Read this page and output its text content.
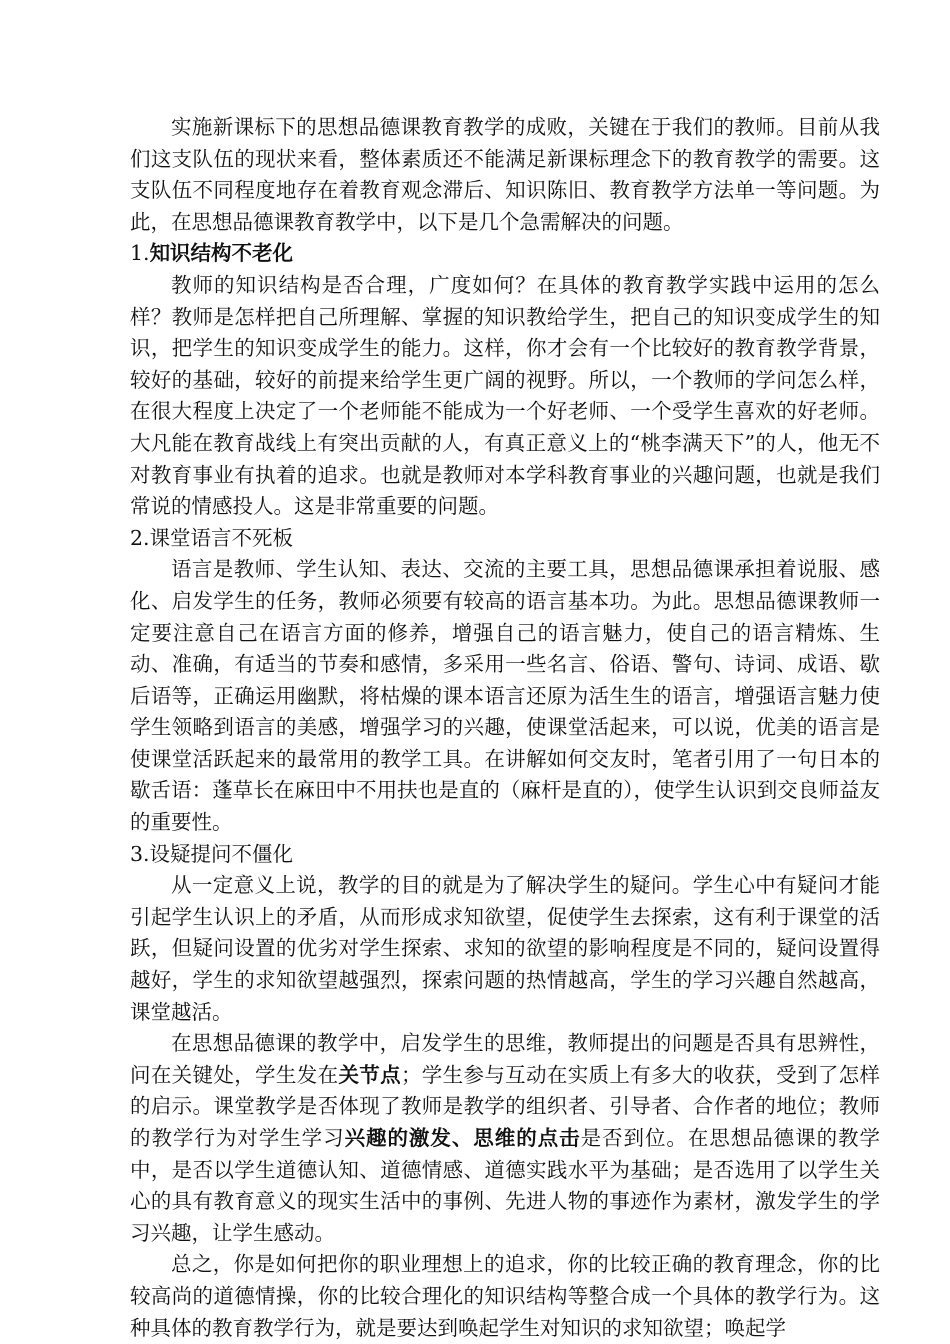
实施新课标下的思想品德课教育教学的成败，关键在于我们的教师。目前从我们这支队伍的现状来看，整体素质还不能满足新课标理念下的教育教学的需要。这支队伍不同程度地存在着教育观念滞后、知识陈旧、教育教学方法单一等问题。为此，在思想品德课教育教学中，以下是几个急需解决的问题。

1.知识结构不老化

教师的知识结构是否合理，广度如何？在具体的教育教学实践中运用的怎么样？教师是怎样把自己所理解、掌握的知识教给学生，把自己的知识变成学生的知识，把学生的知识变成学生的能力。这样，你才会有一个比较好的教育教学背景，较好的基础，较好的前提来给学生更广阔的视野。所以，一个教师的学问怎么样，在很大程度上决定了一个老师能不能成为一个好老师、一个受学生喜欢的好老师。大凡能在教育战线上有突出贡献的人，有真正意义上的“桃李满天下”的人，他无不对教育事业有执着的追求。也就是教师对本学科教育事业的兴趣问题，也就是我们常说的情感投人。这是非常重要的问题。

2.课堂语言不死板

语言是教师、学生认知、表达、交流的主要工具，思想品德课承担着说服、感化、启发学生的任务，教师必须要有较高的语言基本功。为此。思想品德课教师一定要注意自己在语言方面的修养，增强自己的语言魅力，使自己的语言精炼、生动、准确，有适当的节奏和感情，多采用一些名言、俗语、警句、诗词、成语、歇后语等，正确运用幽默，将枯燥的课本语言还原为活生生的语言，增强语言魅力使学生领略到语言的美感，增强学习的兴趣，使课堂活起来，可以说，优美的语言是使课堂活跃起来的最常用的教学工具。在讲解如何交友时，笔者引用了一句日本的歇舌语：蓬草长在麻田中不用扶也是直的（麻杆是直的），使学生认识到交良师益友的重要性。

3.设疑提问不僵化

从一定意义上说，教学的目的就是为了解决学生的疑问。学生心中有疑问才能引起学生认识上的矛盾，从而形成求知欲望，促使学生去探索，这有利于课堂的活跃，但疑问设置的优劣对学生探索、求知的欲望的影响程度是不同的，疑问设置得越好，学生的求知欲望越强烈，探索问题的热情越高，学生的学习兴趣自然越高，课堂越活。

在思想品德课的教学中，启发学生的思维，教师提出的问题是否具有思辨性，问在关键处，学生发在关节点；学生参与互动在实质上有多大的收获，受到了怎样的启示。课堂教学是否体现了教师是教学的组织者、引导者、合作者的地位；教师的教学行为对学生学习兴趣的激发、思维的点击是否到位。在思想品德课的教学中，是否以学生道德认知、道德情感、道德实践水平为基础；是否选用了以学生关心的具有教育意义的现实生活中的事例、先进人物的事迹作为素材，激发学生的学习兴趣，让学生感动。

总之，你是如何把你的职业理想上的追求，你的比较正确的教育理念，你的比较高尚的道德情操，你的比较合理化的知识结构等整合成一个具体的教学行为。这种具体的教育教学行为，就是要达到唤起学生对知识的求知欲望；唤起学
